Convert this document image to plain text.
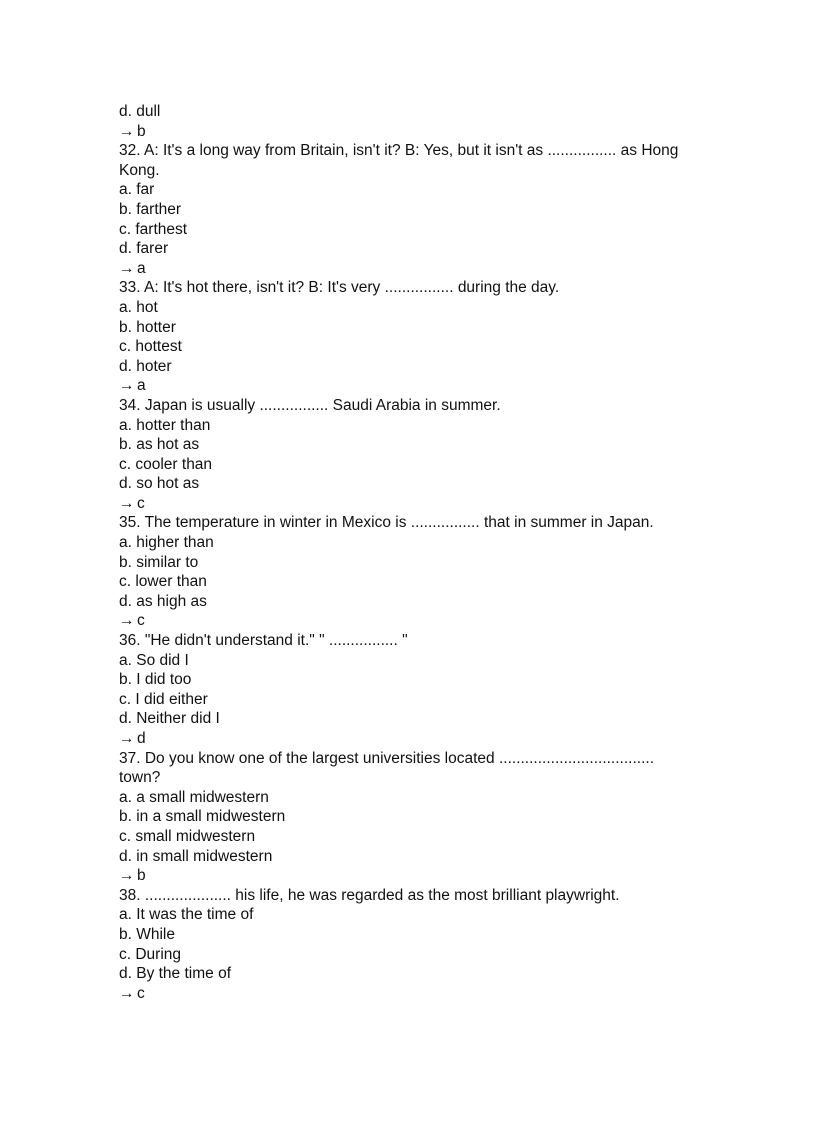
d. dull
→ b
32. A: It's a long way from Britain, isn't it? B: Yes, but it isn't as ................ as Hong Kong.
a. far
b. farther
c. farthest
d. farer
→ a
33. A: It's hot there, isn't it? B: It's very ................ during the day.
a. hot
b. hotter
c. hottest
d. hoter
→ a
34. Japan is usually ................ Saudi Arabia in summer.
a. hotter than
b. as hot as
c. cooler than
d. so hot as
→ c
35. The temperature in winter in Mexico is ................ that in summer in Japan.
a. higher than
b. similar to
c. lower than
d. as high as
→ c
36. "He didn't understand it." " ................ "
a. So did I
b. I did too
c. I did either
d. Neither did I
→ d
37. Do you know one of the largest universities located .................................... town?
a. a small midwestern
b. in a small midwestern
c. small midwestern
d. in small midwestern
→ b
38. .................... his life, he was regarded as the most brilliant playwright.
a. It was the time of
b. While
c. During
d. By the time of
→ c
